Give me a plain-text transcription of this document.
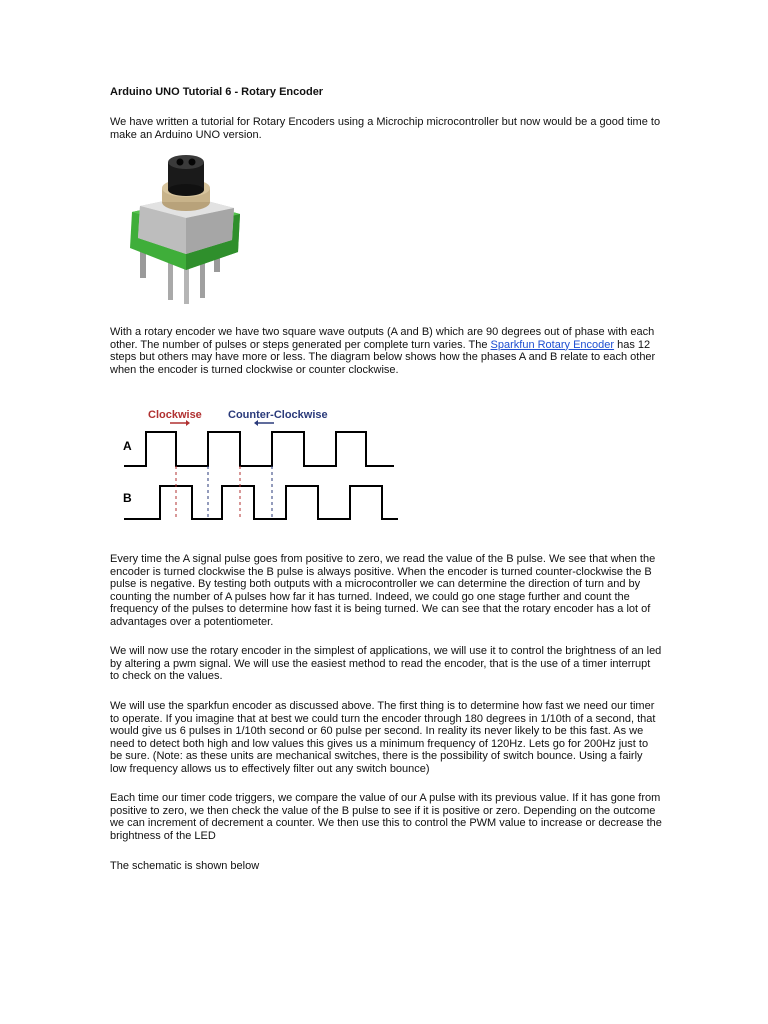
Arduino UNO Tutorial 6 - Rotary Encoder

We have written a tutorial for Rotary Encoders using a Microchip microcontroller but now would be a good time to make an Arduino UNO version.

With a rotary encoder we have two square wave outputs (A and B) which are 90 degrees out of phase with each other. The number of pulses or steps generated per complete turn varies. The Sparkfun Rotary Encoder has 12 steps but others may have more or less. The diagram below shows how the phases A and B relate to each other when the encoder is turned clockwise or counter clockwise.

Clockwise Counter-Clockwise
A
B

Every time the A signal pulse goes from positive to zero, we read the value of the B pulse. We see that when the encoder is turned clockwise the B pulse is always positive. When the encoder is turned counter-clockwise the B pulse is negative. By testing both outputs with a microcontroller we can determine the direction of turn and by counting the number of A pulses how far it has turned. Indeed, we could go one stage further and count the frequency of the pulses to determine how fast it is being turned. We can see that the rotary encoder has a lot of advantages over a potentiometer.

We will now use the rotary encoder in the simplest of applications, we will use it to control the brightness of an led by altering a pwm signal. We will use the easiest method to read the encoder, that is the use of a timer interrupt to check on the values.

We will use the sparkfun encoder as discussed above. The first thing is to determine how fast we need our timer to operate. If you imagine that at best we could turn the encoder through 180 degrees in 1/10th of a second, that would give us 6 pulses in 1/10th second or 60 pulse per second. In reality its never likely to be this fast. As we need to detect both high and low values this gives us a minimum frequency of 120Hz. Lets go for 200Hz just to be sure. (Note: as these units are mechanical switches, there is the possibility of switch bounce. Using a fairly low frequency allows us to effectively filter out any switch bounce)

Each time our timer code triggers, we compare the value of our A pulse with its previous value. If it has gone from positive to zero, we then check the value of the B pulse to see if it is positive or zero. Depending on the outcome we can increment of decrement a counter. We then use this to control the PWM value to increase or decrease the brightness of the LED

The schematic is shown below
